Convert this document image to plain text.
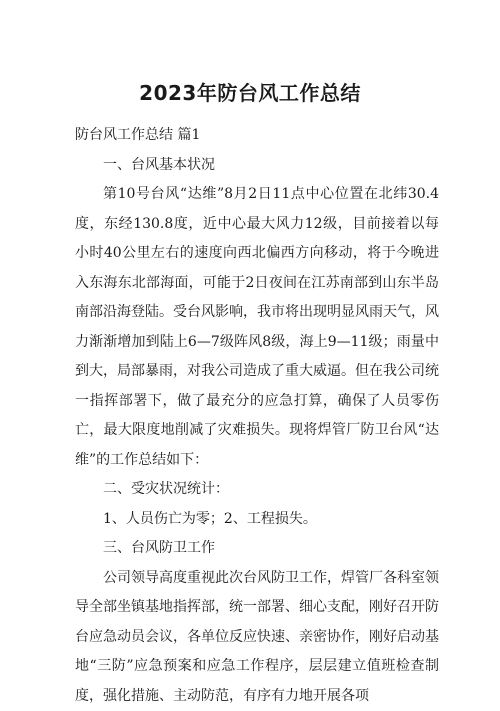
2023年防台风工作总结

防台风工作总结 篇1

一、台风基本状况

第10号台风“达维”8月2日11点中心位置在北纬30.4度，东经130.8度，近中心最大风力12级，目前接着以每小时40公里左右的速度向西北偏西方向移动，将于今晚进入东海东北部海面，可能于2日夜间在江苏南部到山东半岛南部沿海登陆。受台风影响，我市将出现明显风雨天气，风力渐渐增加到陆上6—7级阵风8级，海上9—11级；雨量中到大，局部暴雨，对我公司造成了重大威逼。但在我公司统一指挥部署下，做了最充分的应急打算，确保了人员零伤亡，最大限度地削减了灾难损失。现将焊管厂防卫台风“达维”的工作总结如下：

二、受灾状况统计：

1、人员伤亡为零；2、工程损失。

三、台风防卫工作

公司领导高度重视此次台风防卫工作，焊管厂各科室领导全部坐镇基地指挥部，统一部署、细心支配，刚好召开防台应急动员会议，各单位反应快速、亲密协作，刚好启动基地“三防”应急预案和应急工作程序，层层建立值班检查制度，强化措施、主动防范，有序有力地开展各项
